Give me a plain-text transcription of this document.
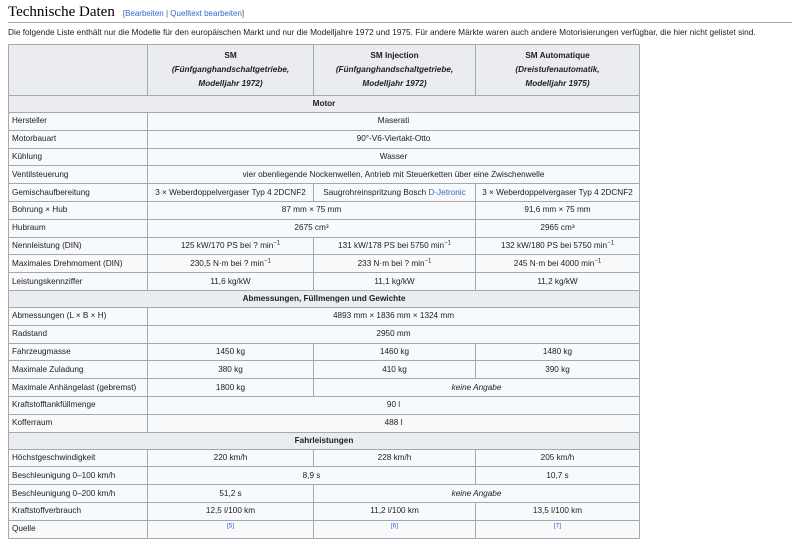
Technische Daten [Bearbeiten | Quelltext bearbeiten]
Die folgende Liste enthält nur die Modelle für den europäischen Markt und nur die Modelljahre 1972 und 1975. Für andere Märkte waren auch andere Motorisierungen verfügbar, die hier nicht gelistet sind.
	SM
(Fünfganghandschaltgetriebe,
Modelljahr 1972)	SM Injection
(Fünfganghandschaltgetriebe,
Modelljahr 1972)	SM Automatique
(Dreistufenautomatik,
Modelljahr 1975)
Motor			
Hersteller	Maserati		
Motorbauart	90°-V6-Viertakt-Otto		
Kühlung	Wasser		
Ventilsteuerung	vier obenliegende Nockenwellen, Antrieb mit Steuerketten über eine Zwischenwelle		
Gemischaufbereitung	3 × Weberdoppelvergaser Typ 4 2DCNF2	Saugrohreinspritzung Bosch D-Jetronic	3 × Weberdoppelvergaser Typ 4 2DCNF2
Bohrung × Hub	87 mm × 75 mm		91,6 mm × 75 mm
Hubraum	2675 cm³		2965 cm³
Nennleistung (DIN)	125 kW/170 PS bei ? $\min^{-1}$	131 kW/178 PS bei 5750 $\min^{-1}$	132 kW/180 PS bei 5750 $\min^{-1}$
Maximales Drehmoment (DIN)	230,5 N·m bei ? $\min^{-1}$	233 N·m bei ? $\min^{-1}$	245 N·m bei 4000 $\min^{-1}$
Leistungskennziffer	11,6 kg/kW	11,1 kg/kW	11,2 kg/kW
Abmessungen, Füllmengen und Gewichte			
Abmessungen (L × B × H)	4893 mm × 1836 mm × 1324 mm		
Radstand	2950 mm		
Fahrzeugmasse	1450 kg	1460 kg	1480 kg
Maximale Zuladung	380 kg	410 kg	390 kg
Maximale Anhängelast (gebremst)	1800 kg	keine Angabe	
Kraftstofftankfüllmenge	90 l		
Kofferraum	488 l		
Fahrleistungen			
Höchstgeschwindigkeit	220 km/h	228 km/h	205 km/h
Beschleunigung 0–100 km/h	8,9 s		10,7 s
Beschleunigung 0–200 km/h	51,2 s	keine Angabe	
Kraftstoffverbrauch	12,5 l/100 km	11,2 l/100 km	13,5 l/100 km
Quelle	[5]	[6]	[7]
